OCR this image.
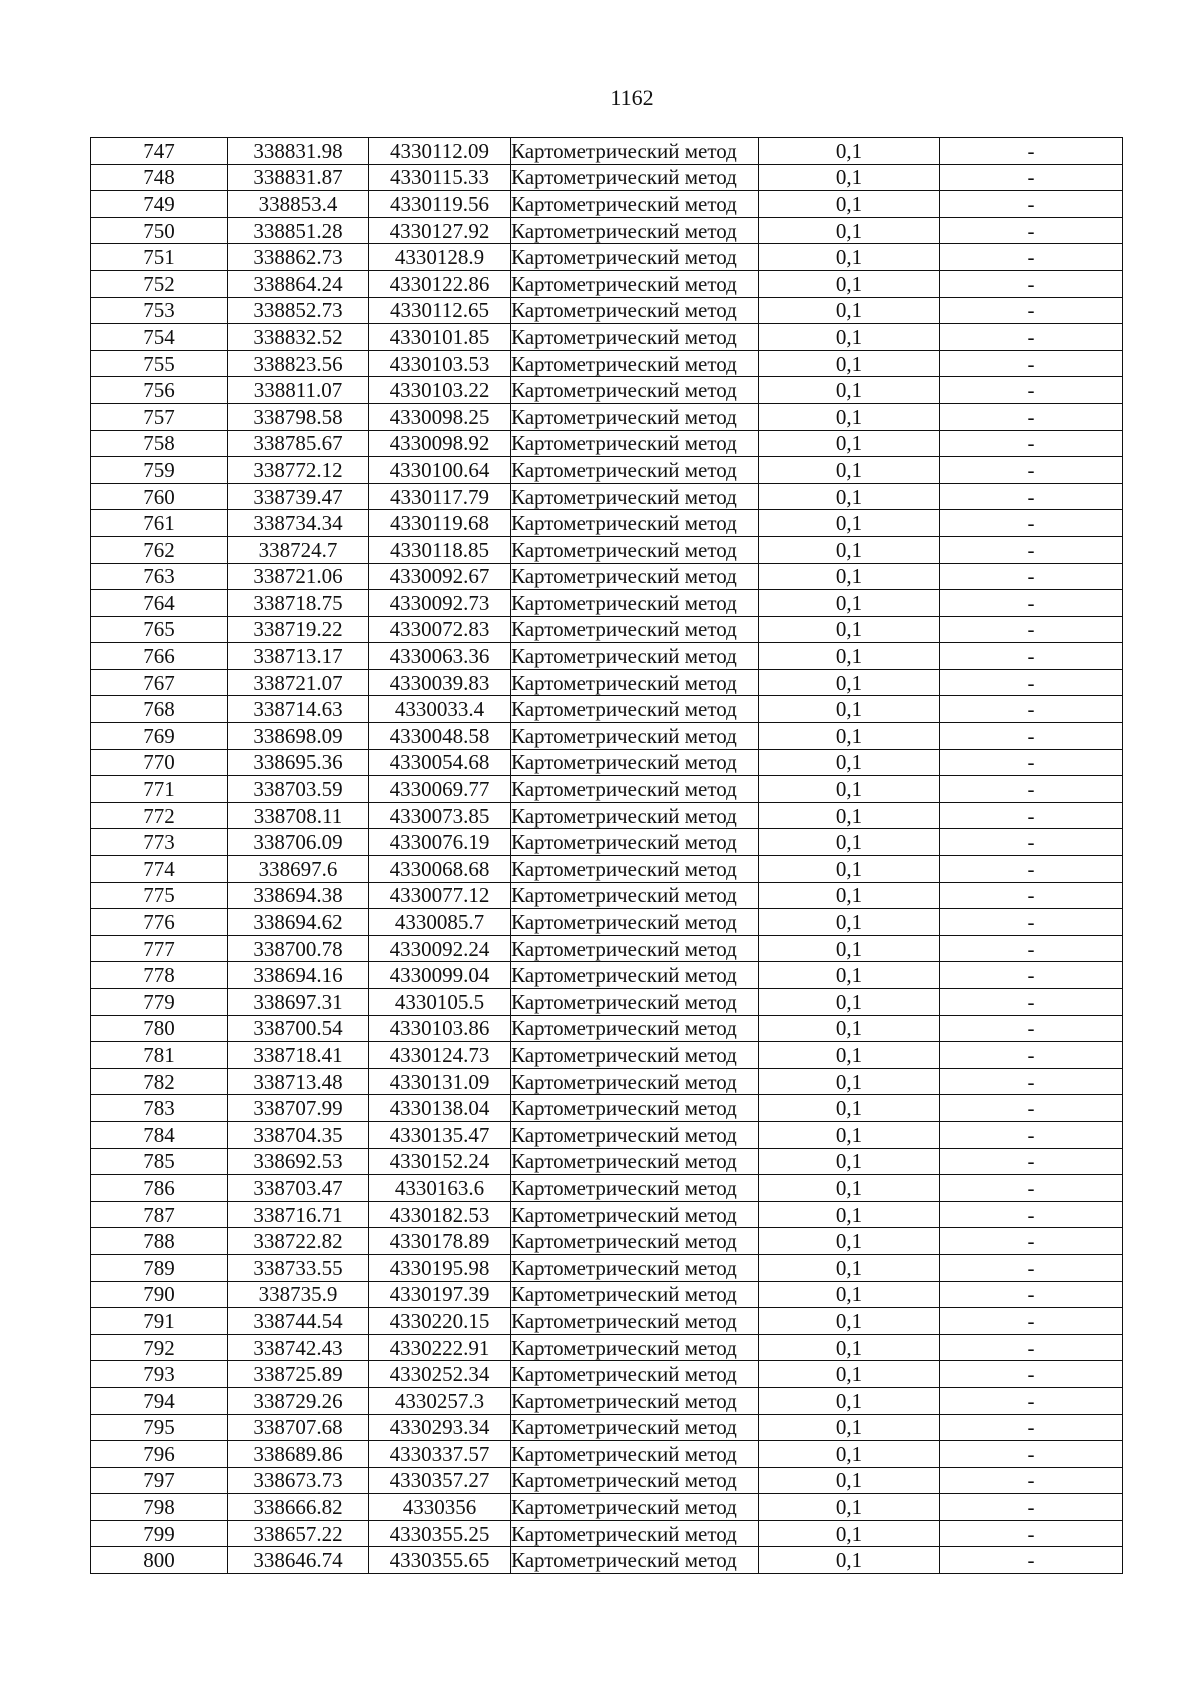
1162
747	338831.98	4330112.09	Картометрический метод	0,1	-
748	338831.87	4330115.33	Картометрический метод	0,1	-
749	338853.4	4330119.56	Картометрический метод	0,1	-
750	338851.28	4330127.92	Картометрический метод	0,1	-
751	338862.73	4330128.9	Картометрический метод	0,1	-
752	338864.24	4330122.86	Картометрический метод	0,1	-
753	338852.73	4330112.65	Картометрический метод	0,1	-
754	338832.52	4330101.85	Картометрический метод	0,1	-
755	338823.56	4330103.53	Картометрический метод	0,1	-
756	338811.07	4330103.22	Картометрический метод	0,1	-
757	338798.58	4330098.25	Картометрический метод	0,1	-
758	338785.67	4330098.92	Картометрический метод	0,1	-
759	338772.12	4330100.64	Картометрический метод	0,1	-
760	338739.47	4330117.79	Картометрический метод	0,1	-
761	338734.34	4330119.68	Картометрический метод	0,1	-
762	338724.7	4330118.85	Картометрический метод	0,1	-
763	338721.06	4330092.67	Картометрический метод	0,1	-
764	338718.75	4330092.73	Картометрический метод	0,1	-
765	338719.22	4330072.83	Картометрический метод	0,1	-
766	338713.17	4330063.36	Картометрический метод	0,1	-
767	338721.07	4330039.83	Картометрический метод	0,1	-
768	338714.63	4330033.4	Картометрический метод	0,1	-
769	338698.09	4330048.58	Картометрический метод	0,1	-
770	338695.36	4330054.68	Картометрический метод	0,1	-
771	338703.59	4330069.77	Картометрический метод	0,1	-
772	338708.11	4330073.85	Картометрический метод	0,1	-
773	338706.09	4330076.19	Картометрический метод	0,1	-
774	338697.6	4330068.68	Картометрический метод	0,1	-
775	338694.38	4330077.12	Картометрический метод	0,1	-
776	338694.62	4330085.7	Картометрический метод	0,1	-
777	338700.78	4330092.24	Картометрический метод	0,1	-
778	338694.16	4330099.04	Картометрический метод	0,1	-
779	338697.31	4330105.5	Картометрический метод	0,1	-
780	338700.54	4330103.86	Картометрический метод	0,1	-
781	338718.41	4330124.73	Картометрический метод	0,1	-
782	338713.48	4330131.09	Картометрический метод	0,1	-
783	338707.99	4330138.04	Картометрический метод	0,1	-
784	338704.35	4330135.47	Картометрический метод	0,1	-
785	338692.53	4330152.24	Картометрический метод	0,1	-
786	338703.47	4330163.6	Картометрический метод	0,1	-
787	338716.71	4330182.53	Картометрический метод	0,1	-
788	338722.82	4330178.89	Картометрический метод	0,1	-
789	338733.55	4330195.98	Картометрический метод	0,1	-
790	338735.9	4330197.39	Картометрический метод	0,1	-
791	338744.54	4330220.15	Картометрический метод	0,1	-
792	338742.43	4330222.91	Картометрический метод	0,1	-
793	338725.89	4330252.34	Картометрический метод	0,1	-
794	338729.26	4330257.3	Картометрический метод	0,1	-
795	338707.68	4330293.34	Картометрический метод	0,1	-
796	338689.86	4330337.57	Картометрический метод	0,1	-
797	338673.73	4330357.27	Картометрический метод	0,1	-
798	338666.82	4330356	Картометрический метод	0,1	-
799	338657.22	4330355.25	Картометрический метод	0,1	-
800	338646.74	4330355.65	Картометрический метод	0,1	-
